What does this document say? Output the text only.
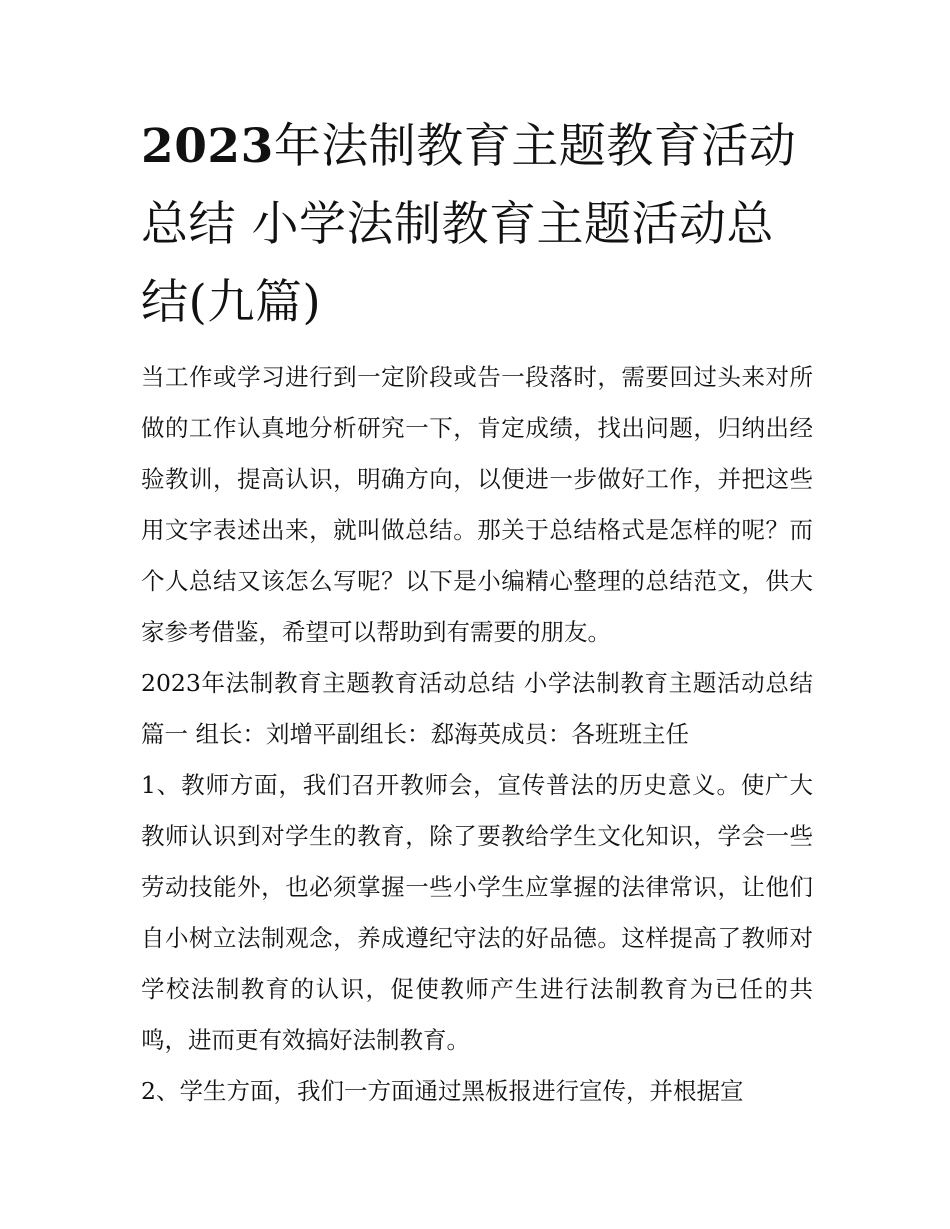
2023年法制教育主题教育活动总结 小学法制教育主题活动总结(九篇)

当工作或学习进行到一定阶段或告一段落时，需要回过头来对所做的工作认真地分析研究一下，肯定成绩，找出问题，归纳出经验教训，提高认识，明确方向，以便进一步做好工作，并把这些用文字表述出来，就叫做总结。那关于总结格式是怎样的呢？而个人总结又该怎么写呢？以下是小编精心整理的总结范文，供大家参考借鉴，希望可以帮助到有需要的朋友。

2023年法制教育主题教育活动总结 小学法制教育主题活动总结篇一 组长：刘增平副组长：郄海英成员：各班班主任

1、教师方面，我们召开教师会，宣传普法的历史意义。使广大教师认识到对学生的教育，除了要教给学生文化知识，学会一些劳动技能外，也必须掌握一些小学生应掌握的法律常识，让他们自小树立法制观念，养成遵纪守法的好品德。这样提高了教师对学校法制教育的认识，促使教师产生进行法制教育为已任的共鸣，进而更有效搞好法制教育。

2、学生方面，我们一方面通过黑板报进行宣传，并根据宣
